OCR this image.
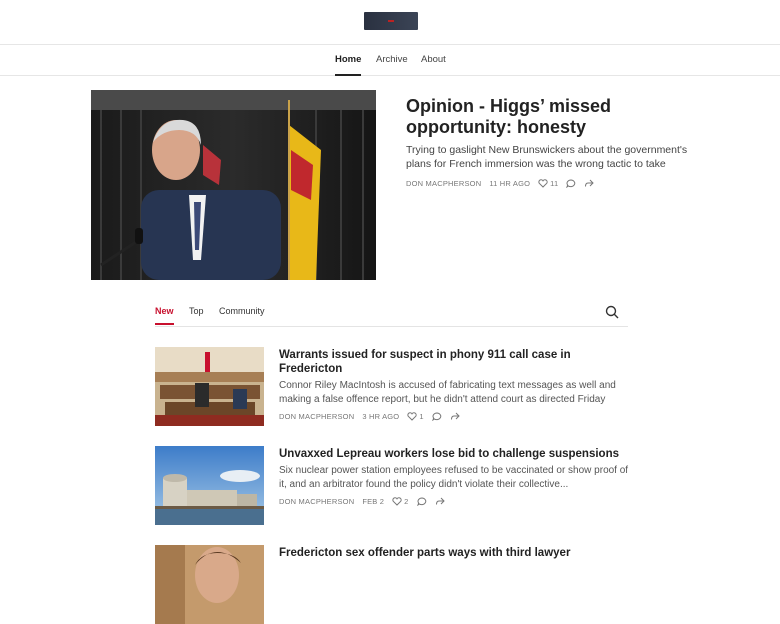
Home Archive About
Opinion - Higgs’ missed opportunity: honesty
Trying to gaslight New Brunswickers about the government's plans for French immersion was the wrong tactic to take
DON MACPHERSON 11 HR AGO	11
New Top Community
Warrants issued for suspect in phony 911 call case in Fredericton
Connor Riley MacIntosh is accused of fabricating text messages as well and making a false offence report, but he didn't attend court as directed Friday
DON MACPHERSON 3 HR AGO	1
Unvaxxed Lepreau workers lose bid to challenge suspensions
Six nuclear power station employees refused to be vaccinated or show proof of it, and an arbitrator found the policy didn't violate their collective...
DON MACPHERSON FEB 2	2
Fredericton sex offender parts ways with third lawyer
